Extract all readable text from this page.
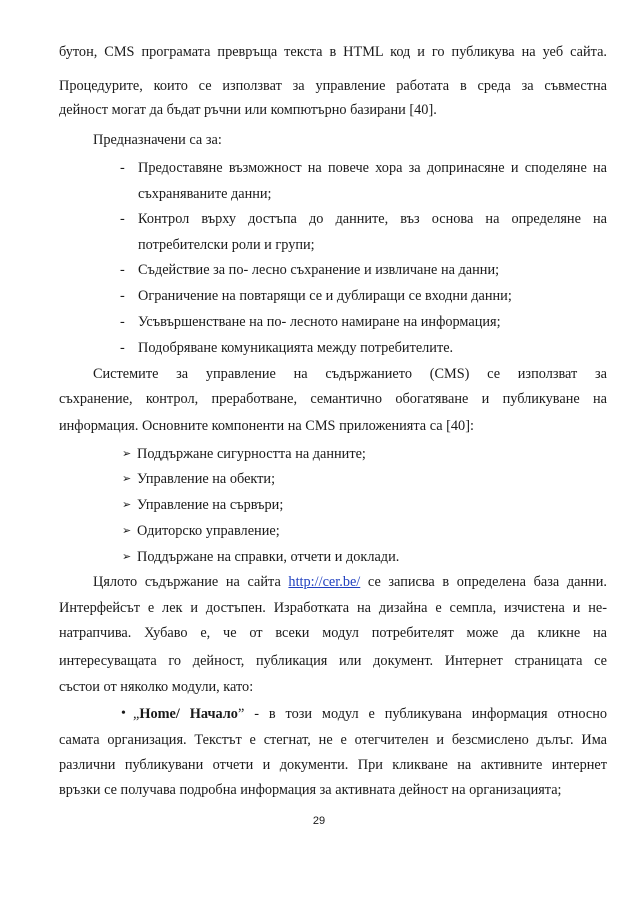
бутон, CMS програмата превръща текста в HTML код и го публикува на уеб сайта.
Процедурите, които се използват за управление работата в среда за съвместна
дейност могат да бъдат ръчни или компютърно базирани [40].
Предназначени са за:
- Предоставяне възможност на повече хора за допринасяне и споделяне на
съхраняваните данни;
- Контрол върху достъпа до данните, въз основа на определяне на
потребителски роли и групи;
- Съдействие за по- лесно съхранение и извличане на данни;
- Ограничение на повтарящи се и дублиращи се входни данни;
- Усъвършенстване на по- лесното намиране на информация;
- Подобряване комуникацията между потребителите.
Системите за управление на съдържанието (CMS) се използват за
съхранение, контрол, преработване, семантично обогатяване и публикуване на
информация. Основните компоненти на CMS приложенията са [40]:
➢ Поддържане сигурността на данните;
➢ Управление на обекти;
➢ Управление на сървъри;
➢ Одиторско управление;
➢ Поддържане на справки, отчети и доклади.
Цялото съдържание на сайта http://cer.be/ се записва в определена база данни.
Интерфейсът е лек и достъпен. Изработката на дизайна е семпла, изчистена и не-
натрапчива. Хубаво е, че от всеки модул потребителят може да кликне на
интересуващата го дейност, публикация или документ. Интернет страницата се
състои от няколко модули, като:
• „Home/ Начало” - в този модул е публикувана информация относно
самата организация. Текстът е стегнат, не е отегчителен и безсмислено дълъг. Има
различни публикувани отчети и документи. При кликване на активните интернет
връзки се получава подробна информация за активната дейност на организацията;
29
